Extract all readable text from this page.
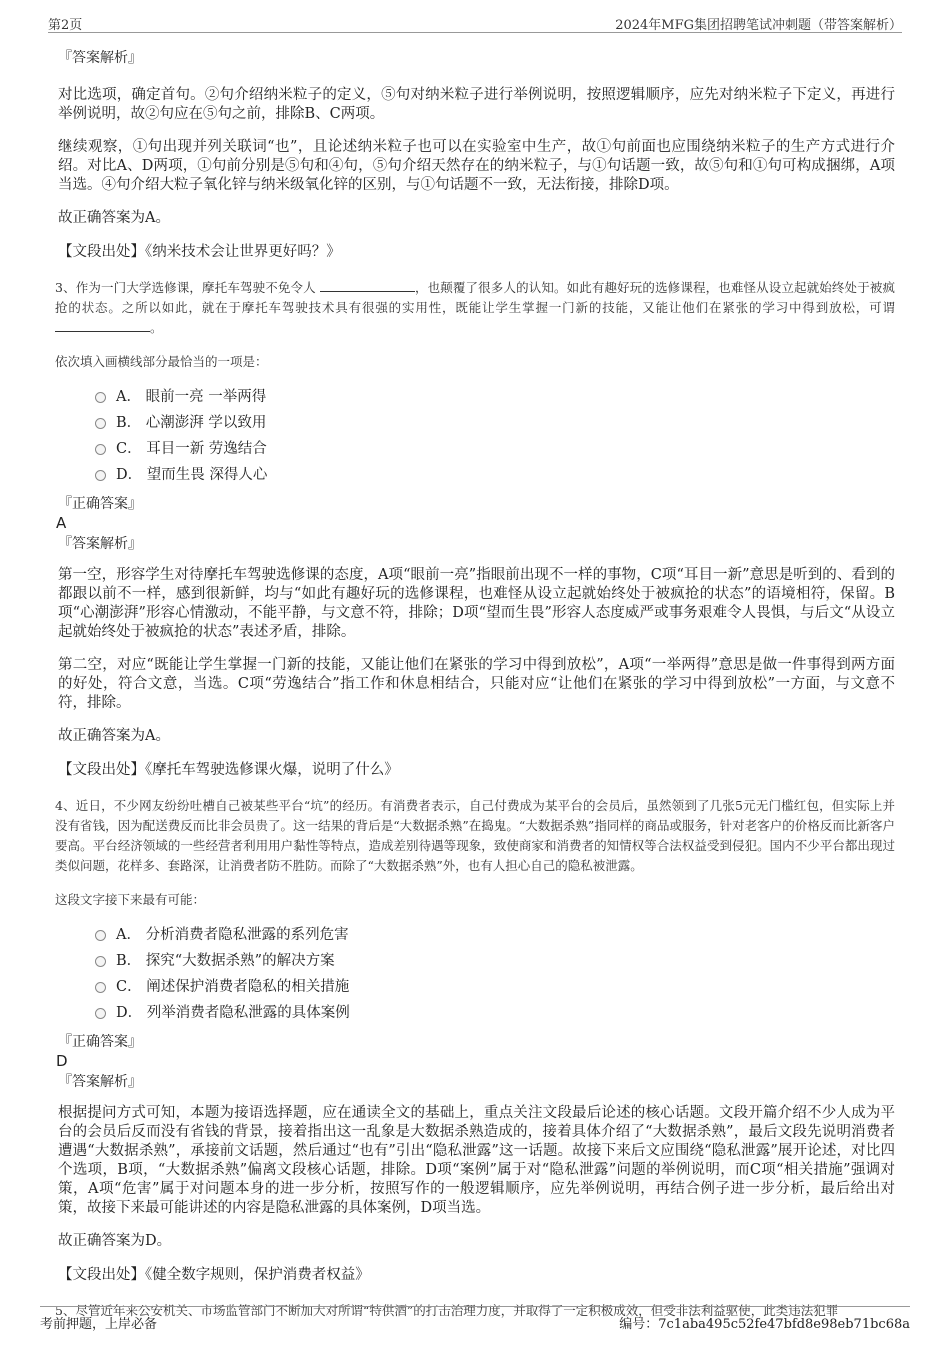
第2页	2024年MFG集团招聘笔试冲刺题（带答案解析）
『答案解析』

对比选项，确定首句。②句介绍纳米粒子的定义，⑤句对纳米粒子进行举例说明，按照逻辑顺序，应先对纳米粒子下定义，再进行举例说明，故②句应在⑤句之前，排除B、C两项。

继续观察，①句出现并列关联词“也”，且论述纳米粒子也可以在实验室中生产，故①句前面也应围绕纳米粒子的生产方式进行介绍。对比A、D两项，①句前分别是⑤句和④句，⑤句介绍天然存在的纳米粒子，与①句话题一致，故⑤句和①句可构成捆绑，A项当选。④句介绍大粒子氧化锌与纳米级氧化锌的区别，与①句话题不一致，无法衔接，排除D项。

故正确答案为A。

【文段出处】《纳米技术会让世界更好吗？》

3、作为一门大学选修课，摩托车驾驶不免令人	，也颠覆了很多人的认知。如此有趣好玩的选修课程，也难怪从设立起就始终处于被疯抢的状态。之所以如此，就在于摩托车驾驶技术具有很强的实用性，既能让学生掌握一门新的技能，又能让他们在紧张的学习中得到放松，可谓 。

依次填入画横线部分最恰当的一项是：

A． 眼前一亮 一举两得
B． 心潮澎湃 学以致用
C． 耳目一新 劳逸结合
D． 望而生畏 深得人心
『正确答案』
A
『答案解析』

第一空，形容学生对待摩托车驾驶选修课的态度，A项“眼前一亮”指眼前出现不一样的事物，C项“耳目一新”意思是听到的、看到的都跟以前不一样，感到很新鲜，均与“如此有趣好玩的选修课程，也难怪从设立起就始终处于被疯抢的状态”的语境相符，保留。B项“心潮澎湃”形容心情激动，不能平静，与文意不符，排除；D项“望而生畏”形容人态度威严或事务艰难令人畏惧，与后文“从设立起就始终处于被疯抢的状态”表述矛盾，排除。

第二空，对应“既能让学生掌握一门新的技能，又能让他们在紧张的学习中得到放松”，A项“一举两得”意思是做一件事得到两方面的好处，符合文意，当选。C项“劳逸结合”指工作和休息相结合，只能对应“让他们在紧张的学习中得到放松”一方面，与文意不符，排除。

故正确答案为A。

【文段出处】《摩托车驾驶选修课火爆，说明了什么》

4、近日，不少网友纷纷吐槽自己被某些平台“坑”的经历。有消费者表示，自己付费成为某平台的会员后，虽然领到了几张5元无门槛红包，但实际上并没有省钱，因为配送费反而比非会员贵了。这一结果的背后是“大数据杀熟”在捣鬼。“大数据杀熟”指同样的商品或服务，针对老客户的价格反而比新客户要高。平台经济领域的一些经营者利用用户黏性等特点，造成差别待遇等现象，致使商家和消费者的知情权等合法权益受到侵犯。国内不少平台都出现过类似问题，花样多、套路深，让消费者防不胜防。而除了“大数据杀熟”外，也有人担心自己的隐私被泄露。

这段文字接下来最有可能：

A． 分析消费者隐私泄露的系列危害
B． 探究“大数据杀熟”的解决方案
C． 阐述保护消费者隐私的相关措施
D． 列举消费者隐私泄露的具体案例
『正确答案』
D
『答案解析』

根据提问方式可知，本题为接语选择题，应在通读全文的基础上，重点关注文段最后论述的核心话题。文段开篇介绍不少人成为平台的会员后反而没有省钱的背景，接着指出这一乱象是大数据杀熟造成的，接着具体介绍了“大数据杀熟”，最后文段先说明消费者遭遇“大数据杀熟”，承接前文话题，然后通过“也有”引出“隐私泄露”这一话题。故接下来后文应围绕“隐私泄露”展开论述，对比四个选项，B项，“大数据杀熟”偏离文段核心话题，排除。D项“案例”属于对“隐私泄露”问题的举例说明，而C项“相关措施”强调对策，A项“危害”属于对问题本身的进一步分析，按照写作的一般逻辑顺序，应先举例说明，再结合例子进一步分析，最后给出对策，故接下来最可能讲述的内容是隐私泄露的具体案例，D项当选。

故正确答案为D。

【文段出处】《健全数字规则，保护消费者权益》

5、尽管近年来公安机关、市场监管部门不断加大对所谓“特供酒”的打击治理力度，并取得了一定积极成效，但受非法利益驱使，此类违法犯罪
考前押题，上岸必备	编号：7c1aba495c52fe47bfd8e98eb71bc68a
